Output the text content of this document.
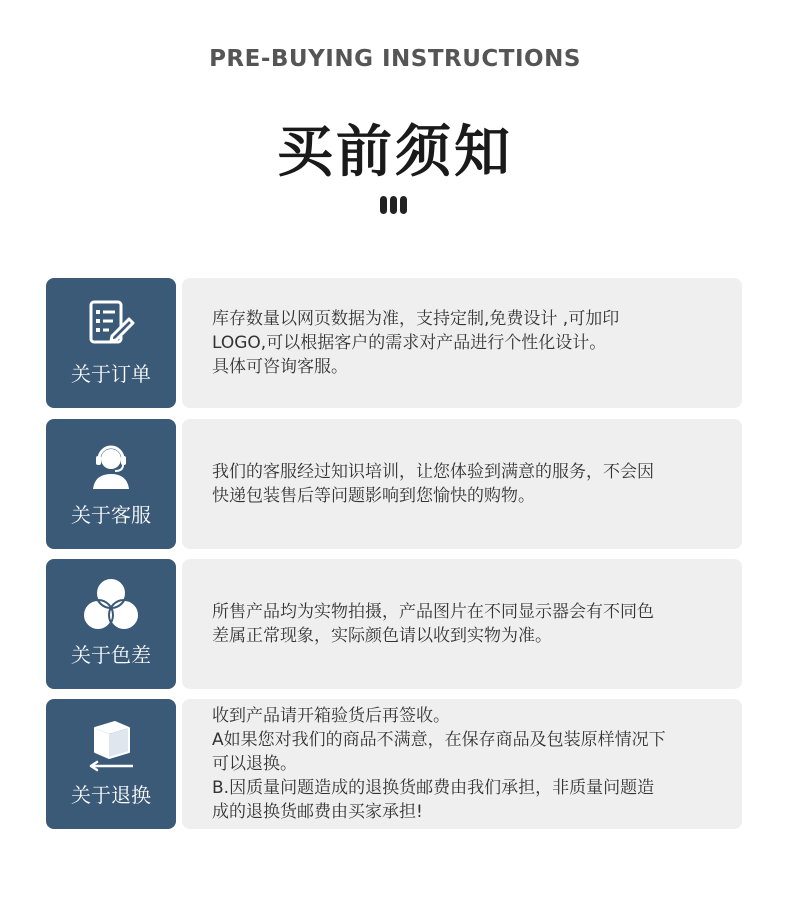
PRE-BUYING INSTRUCTIONS
买前须知
关于订单

库存数量以网页数据为准，支持定制,免费设计 ,可加印
LOGO,可以根据客户的需求对产品进行个性化设计。
具体可咨询客服。

关于客服

我们的客服经过知识培训，让您体验到满意的服务，不会因
快递包装售后等问题影响到您愉快的购物。

关于色差

所售产品均为实物拍摄，产品图片在不同显示器会有不同色
差属正常现象，实际颜色请以收到实物为准。

关于退换

收到产品请开箱验货后再签收。
A如果您对我们的商品不满意，在保存商品及包装原样情况下
可以退换。
B.因质量问题造成的退换货邮费由我们承担，非质量问题造
成的退换货邮费由买家承担!
